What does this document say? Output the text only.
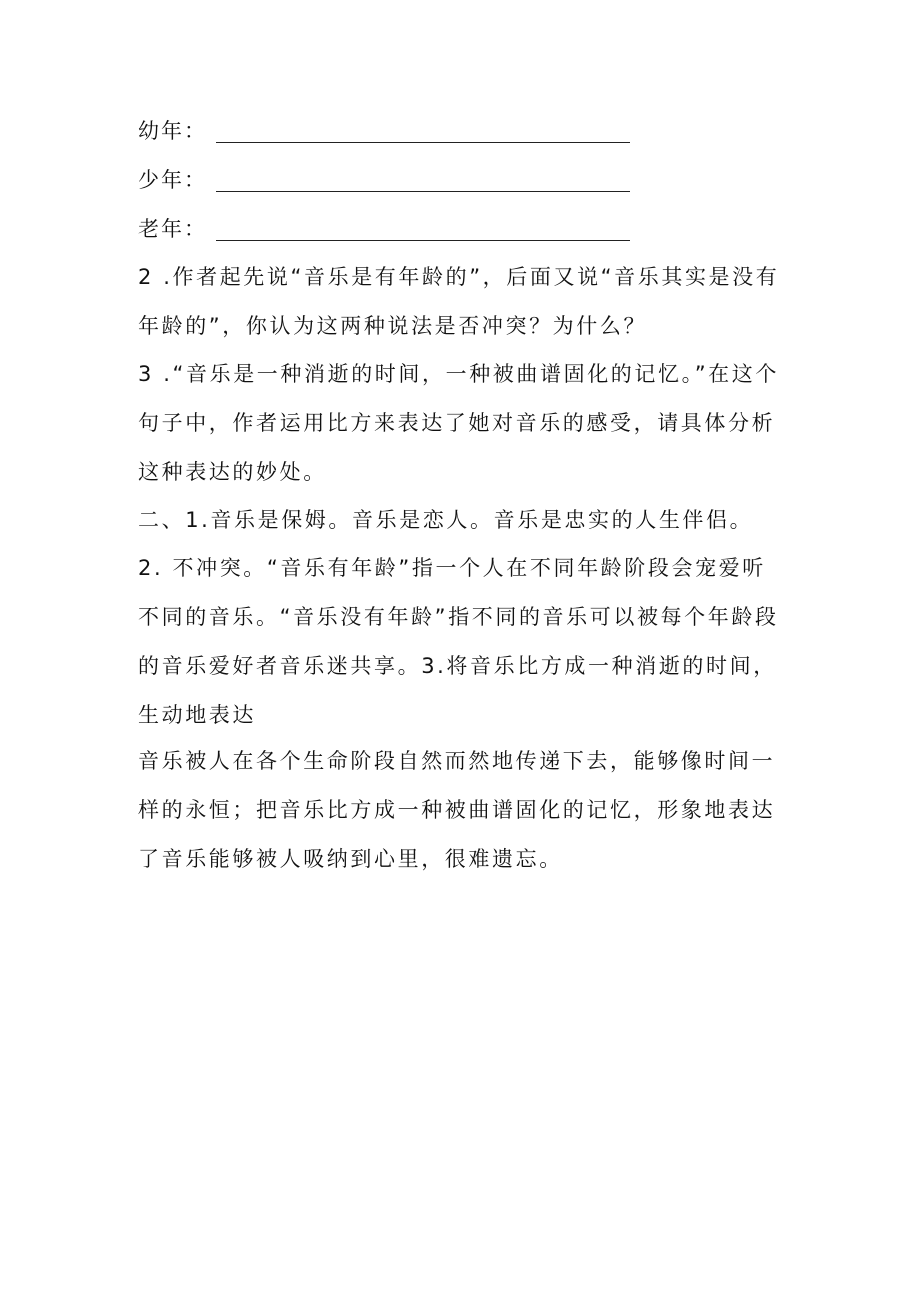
幼年：
少年：
老年：
2 .作者起先说“音乐是有年龄的”，后面又说“音乐其实是没有年龄的”，你认为这两种说法是否冲突？为什么？
3 .“音乐是一种消逝的时间，一种被曲谱固化的记忆。”在这个句子中，作者运用比方来表达了她对音乐的感受，请具体分析这种表达的妙处。
二、1.音乐是保姆。音乐是恋人。音乐是忠实的人生伴侣。
2. 不冲突。“音乐有年龄”指一个人在不同年龄阶段会宠爱听不同的音乐。“音乐没有年龄”指不同的音乐可以被每个年龄段的音乐爱好者音乐迷共享。3.将音乐比方成一种消逝的时间，生动地表达
音乐被人在各个生命阶段自然而然地传递下去，能够像时间一样的永恒；把音乐比方成一种被曲谱固化的记忆，形象地表达了音乐能够被人吸纳到心里，很难遗忘。
